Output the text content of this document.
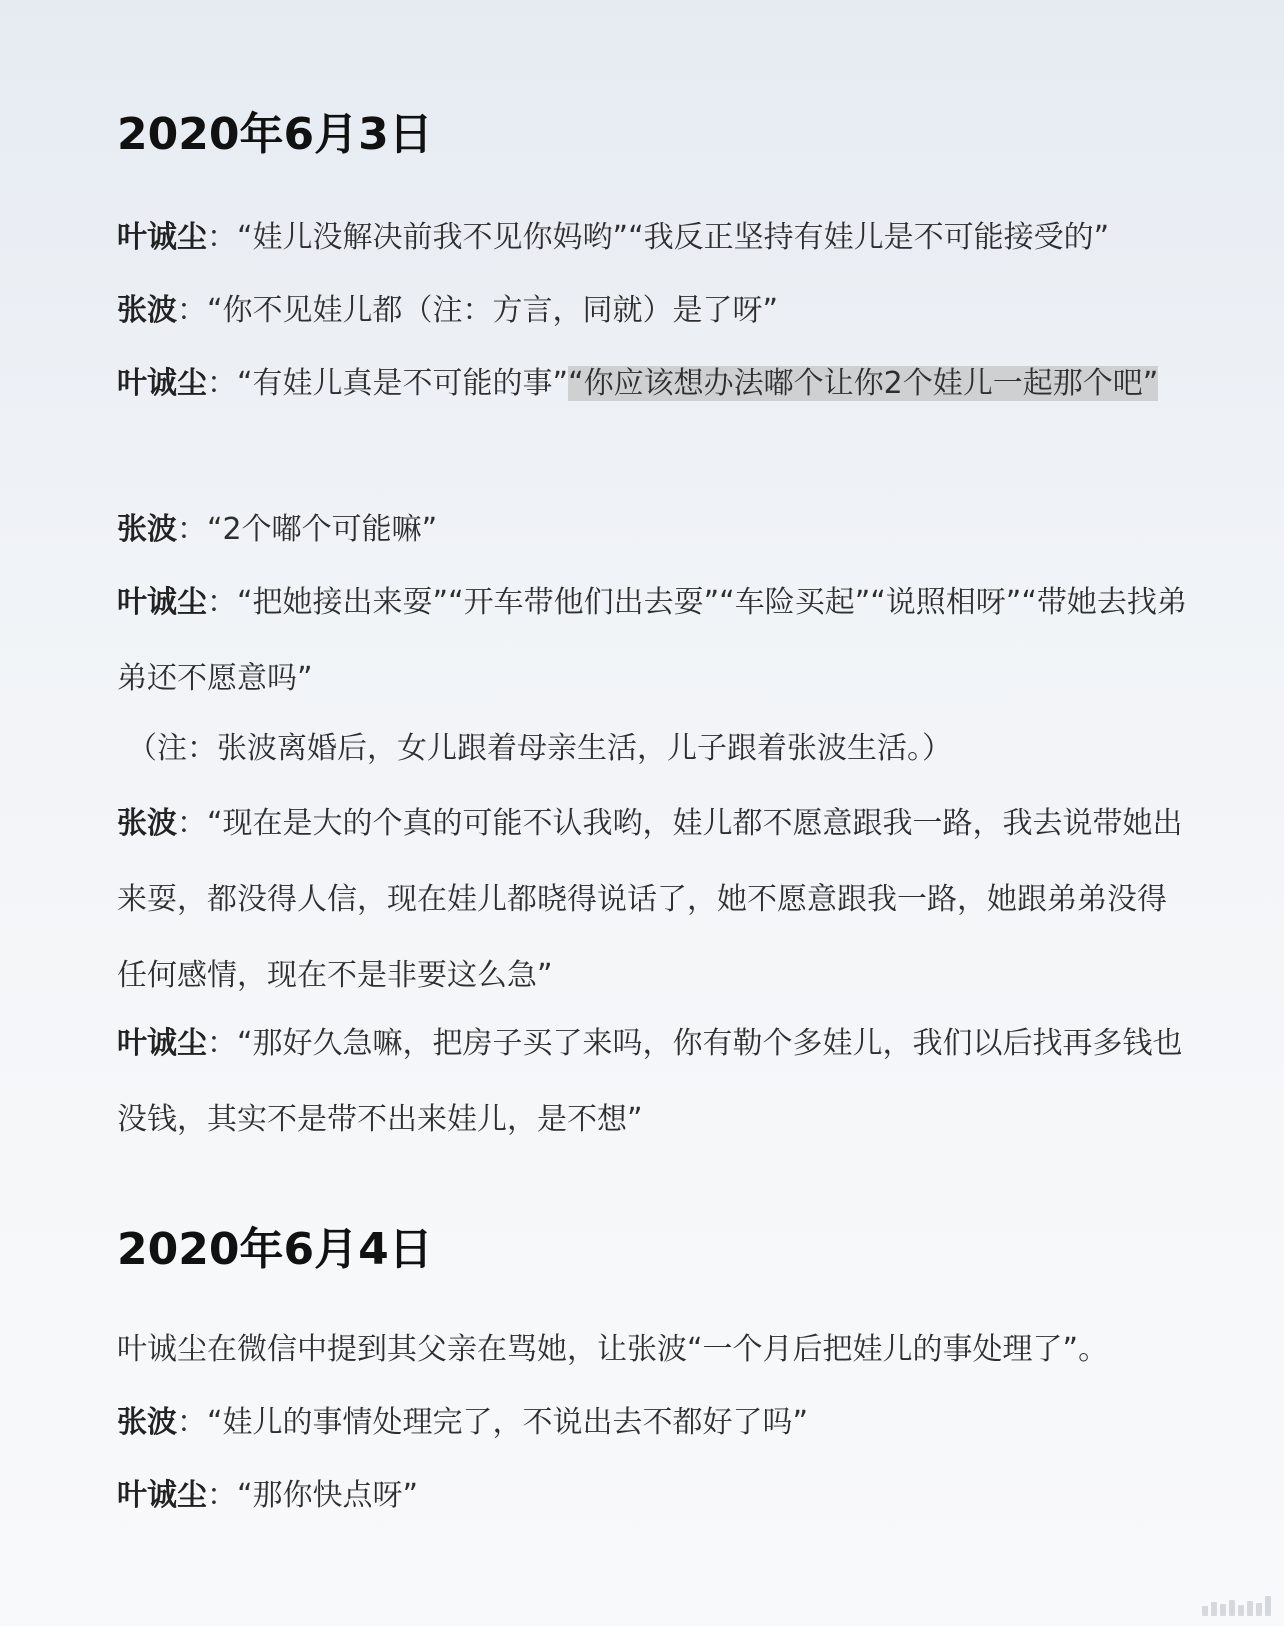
2020年6月3日
叶诚尘：“娃儿没解决前我不见你妈哟”“我反正坚持有娃儿是不可能接受的”
张波：“你不见娃儿都（注：方言，同就）是了呀”
叶诚尘：“有娃儿真是不可能的事”“你应该想办法嘟个让你2个娃儿一起那个吧”
张波：“2个嘟个可能嘛”
叶诚尘：“把她接出来耍”“开车带他们出去耍”“车险买起”“说照相呀”“带她去找弟弟还不愿意吗”
（注：张波离婚后，女儿跟着母亲生活，儿子跟着张波生活。）
张波：“现在是大的个真的可能不认我哟，娃儿都不愿意跟我一路，我去说带她出来耍，都没得人信，现在娃儿都晓得说话了，她不愿意跟我一路，她跟弟弟没得任何感情，现在不是非要这么急”
叶诚尘：“那好久急嘛，把房子买了来吗，你有勒个多娃儿，我们以后找再多钱也没钱，其实不是带不出来娃儿，是不想”
2020年6月4日
叶诚尘在微信中提到其父亲在骂她，让张波“一个月后把娃儿的事处理了”。
张波：“娃儿的事情处理完了，不说出去不都好了吗”
叶诚尘：“那你快点呀”
